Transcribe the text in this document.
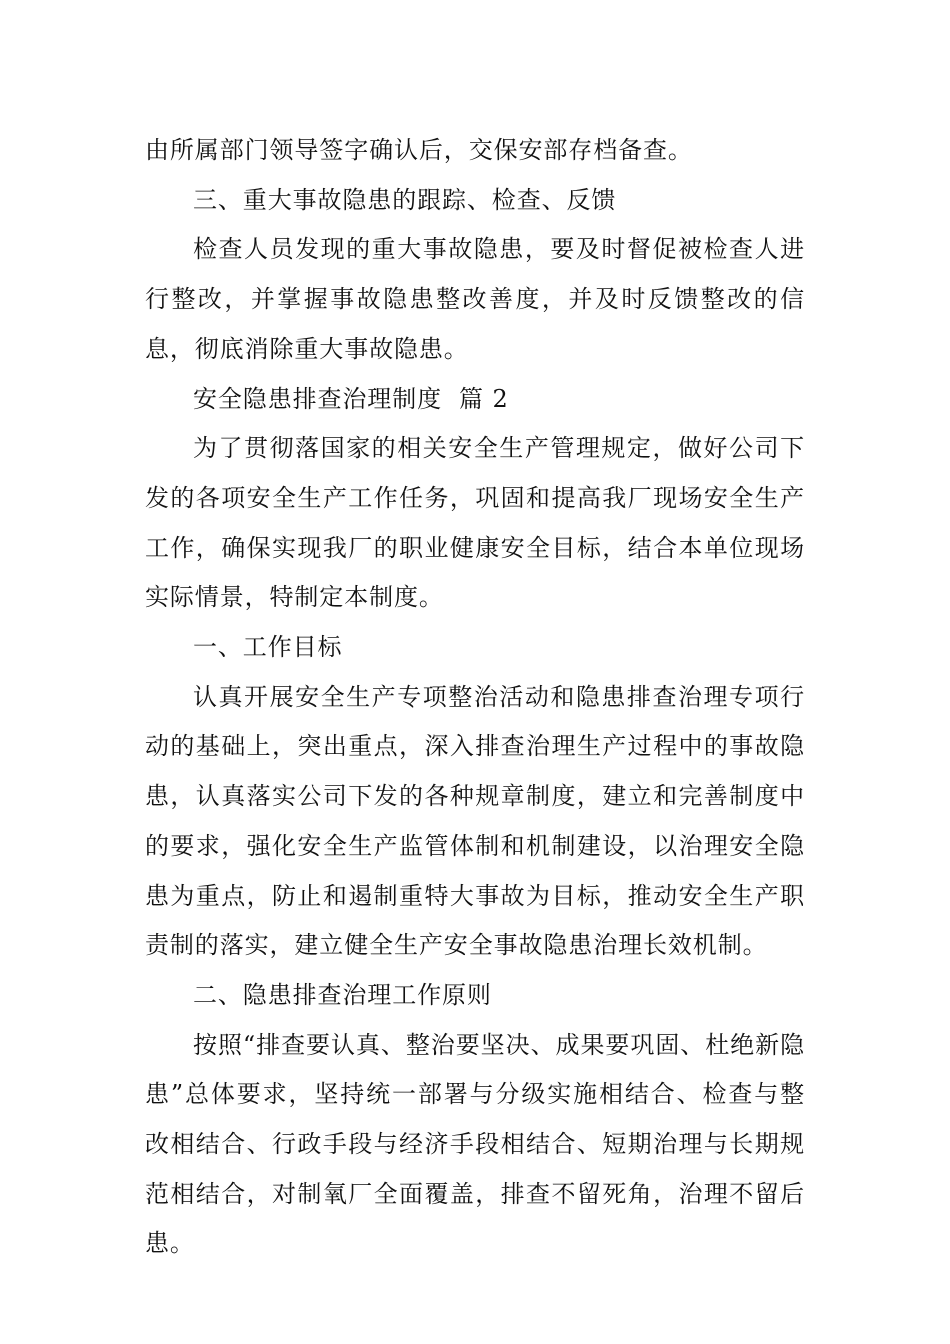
由所属部门领导签字确认后，交保安部存档备查。

三、重大事故隐患的跟踪、检查、反馈

检查人员发现的重大事故隐患，要及时督促被检查人进行整改，并掌握事故隐患整改善度，并及时反馈整改的信息，彻底消除重大事故隐患。

安全隐患排查治理制度  篇 2

为了贯彻落国家的相关安全生产管理规定，做好公司下发的各项安全生产工作任务，巩固和提高我厂现场安全生产工作，确保实现我厂的职业健康安全目标，结合本单位现场实际情景，特制定本制度。

一、工作目标

认真开展安全生产专项整治活动和隐患排查治理专项行动的基础上，突出重点，深入排查治理生产过程中的事故隐患，认真落实公司下发的各种规章制度，建立和完善制度中的要求，强化安全生产监管体制和机制建设，以治理安全隐患为重点，防止和遏制重特大事故为目标，推动安全生产职责制的落实，建立健全生产安全事故隐患治理长效机制。

二、隐患排查治理工作原则

按照“排查要认真、整治要坚决、成果要巩固、杜绝新隐患”总体要求，坚持统一部署与分级实施相结合、检查与整改相结合、行政手段与经济手段相结合、短期治理与长期规范相结合，对制氧厂全面覆盖，排查不留死角，治理不留后患。
